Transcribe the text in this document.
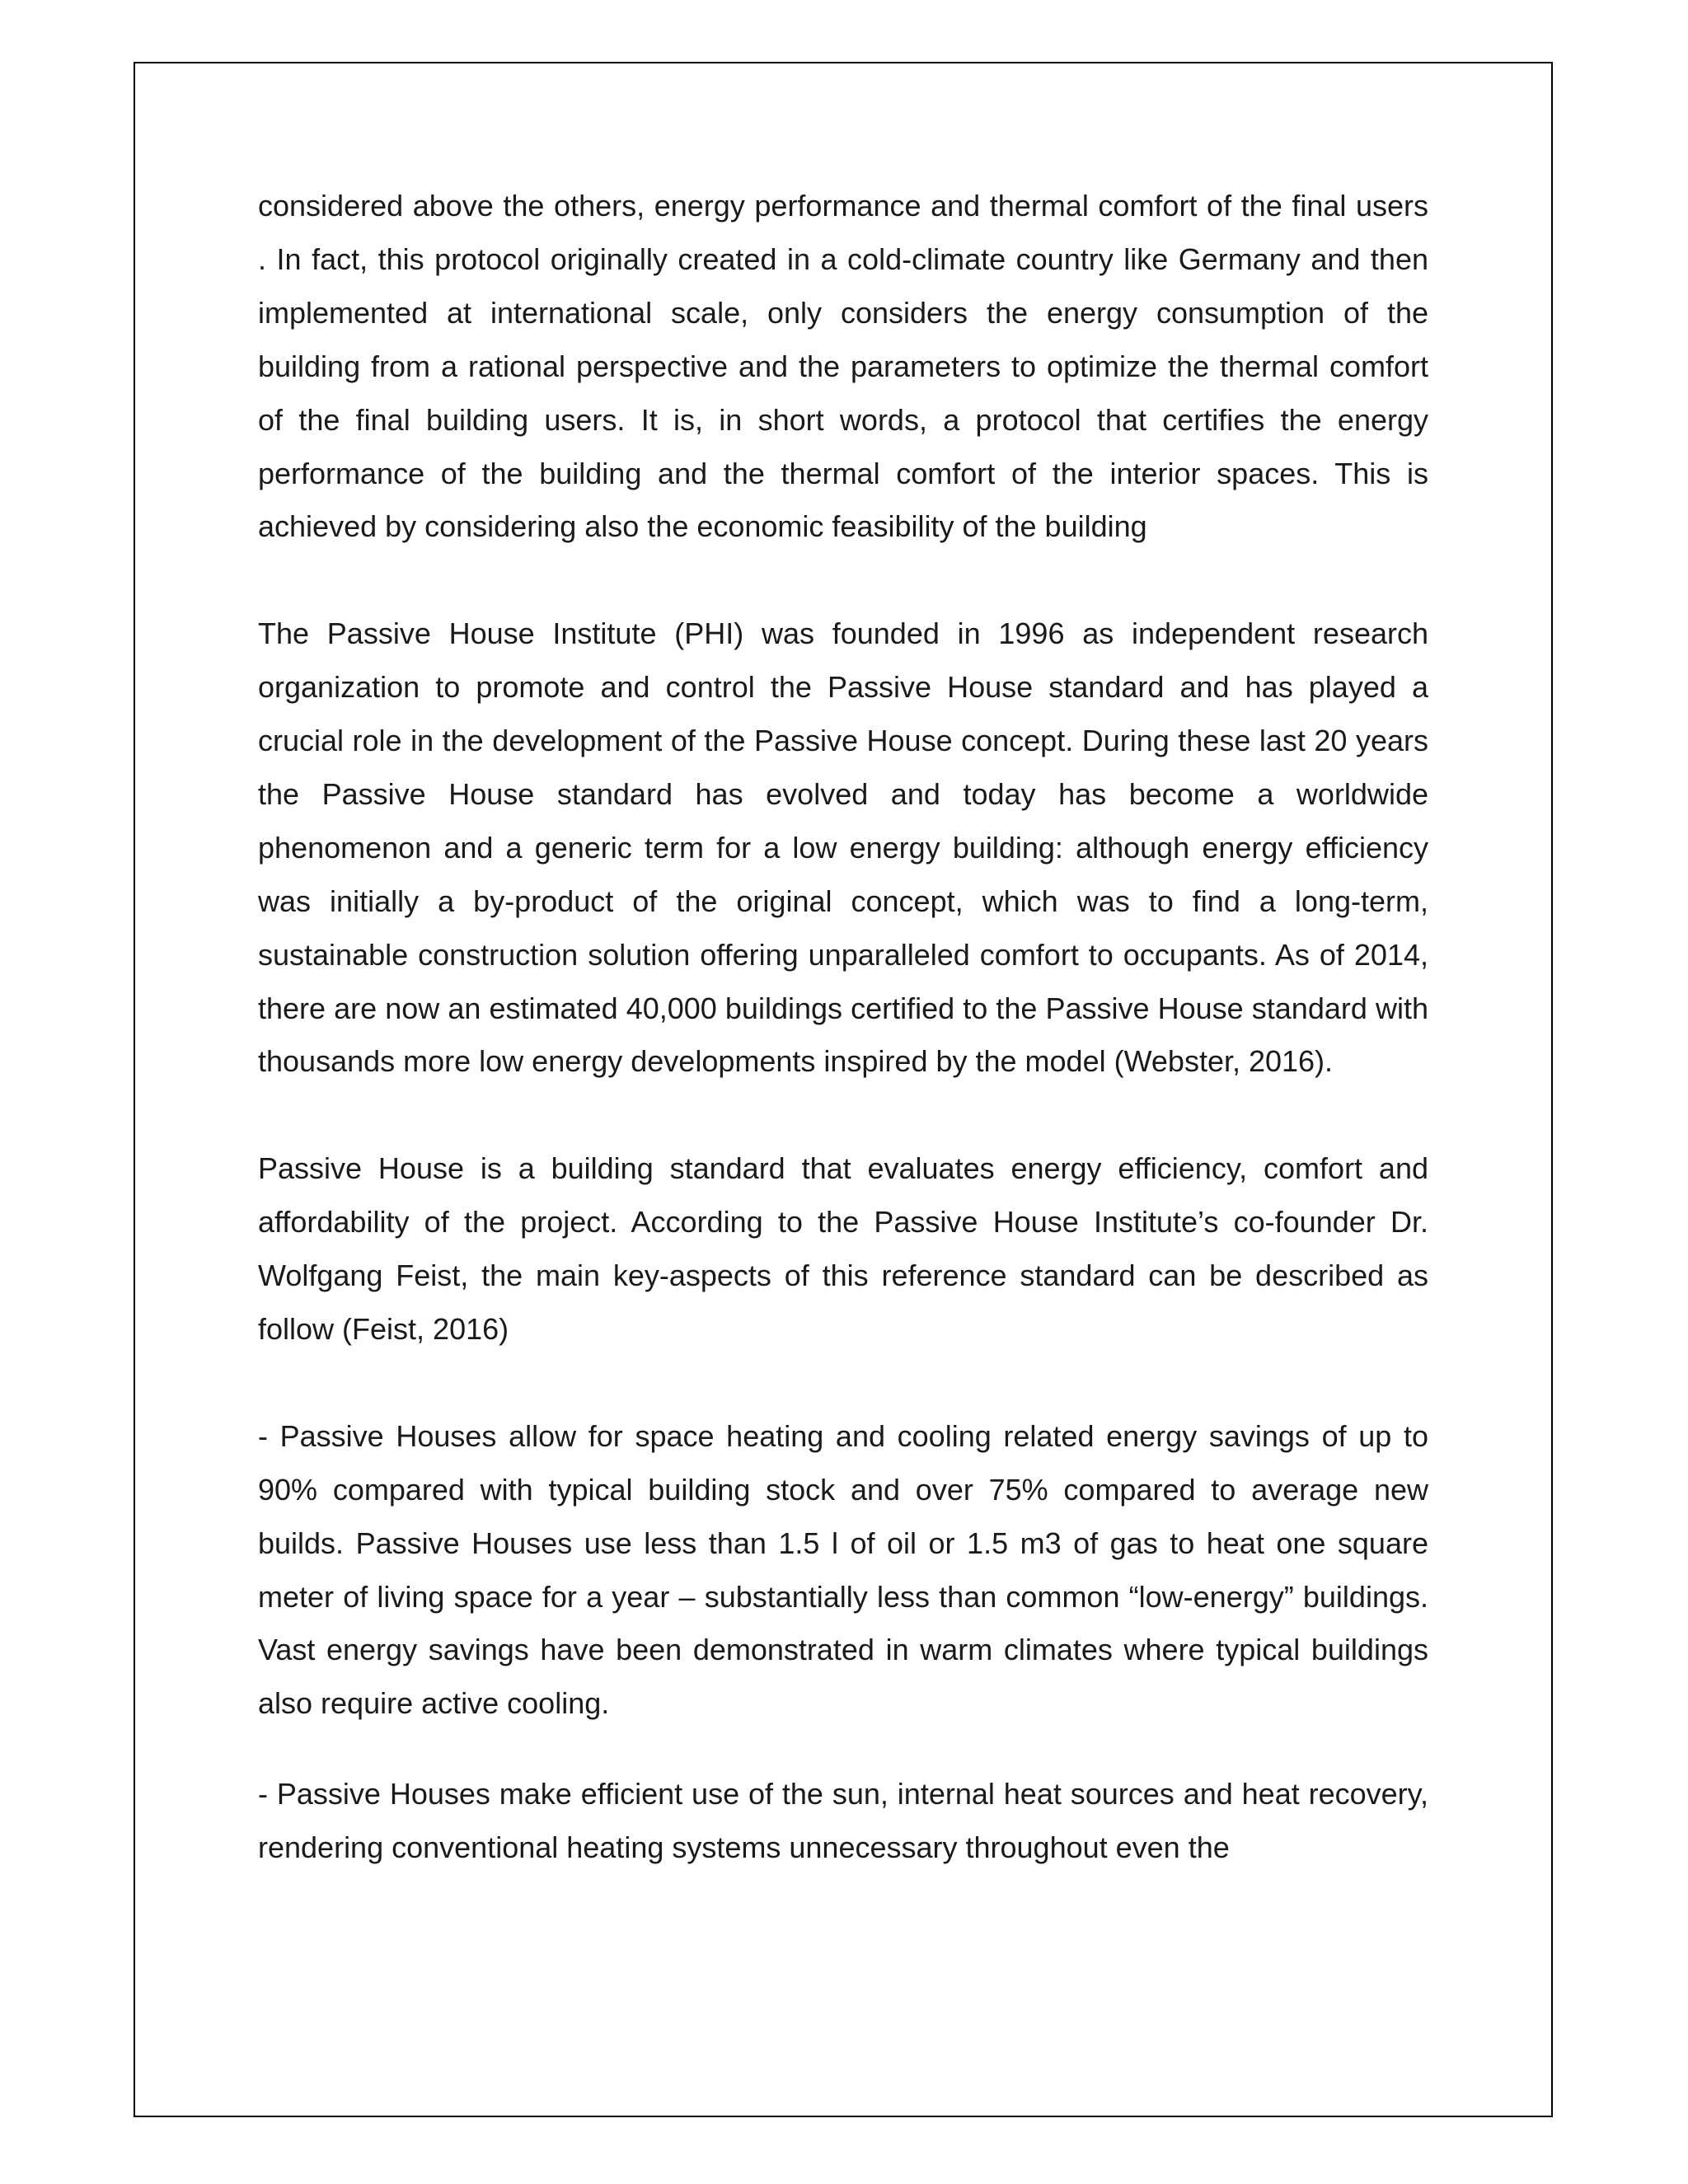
considered above the others, energy performance and thermal comfort of the final users . In fact, this protocol originally created in a cold-climate country like Germany and then implemented at international scale, only considers the energy consumption of the building from a rational perspective and the parameters to optimize the thermal comfort of the final building users. It is, in short words, a protocol that certifies the energy performance of the building and the thermal comfort of the interior spaces. This is achieved by considering also the economic feasibility of the building

The Passive House Institute (PHI) was founded in 1996 as independent research organization to promote and control the Passive House standard and has played a crucial role in the development of the Passive House concept. During these last 20 years the Passive House standard has evolved and today has become a worldwide phenomenon and a generic term for a low energy building: although energy efficiency was initially a by-product of the original concept, which was to find a long-term, sustainable construction solution offering unparalleled comfort to occupants. As of 2014, there are now an estimated 40,000 buildings certified to the Passive House standard with thousands more low energy developments inspired by the model (Webster, 2016).

Passive House is a building standard that evaluates energy efficiency, comfort and affordability of the project. According to the Passive House Institute’s co-founder Dr. Wolfgang Feist, the main key-aspects of this reference standard can be described as follow (Feist, 2016)

- Passive Houses allow for space heating and cooling related energy savings of up to 90% compared with typical building stock and over 75% compared to average new builds. Passive Houses use less than 1.5 l of oil or 1.5 m3 of gas to heat one square meter of living space for a year – substantially less than common “low-energy” buildings. Vast energy savings have been demonstrated in warm climates where typical buildings also require active cooling.

- Passive Houses make efficient use of the sun, internal heat sources and heat recovery, rendering conventional heating systems unnecessary throughout even the
